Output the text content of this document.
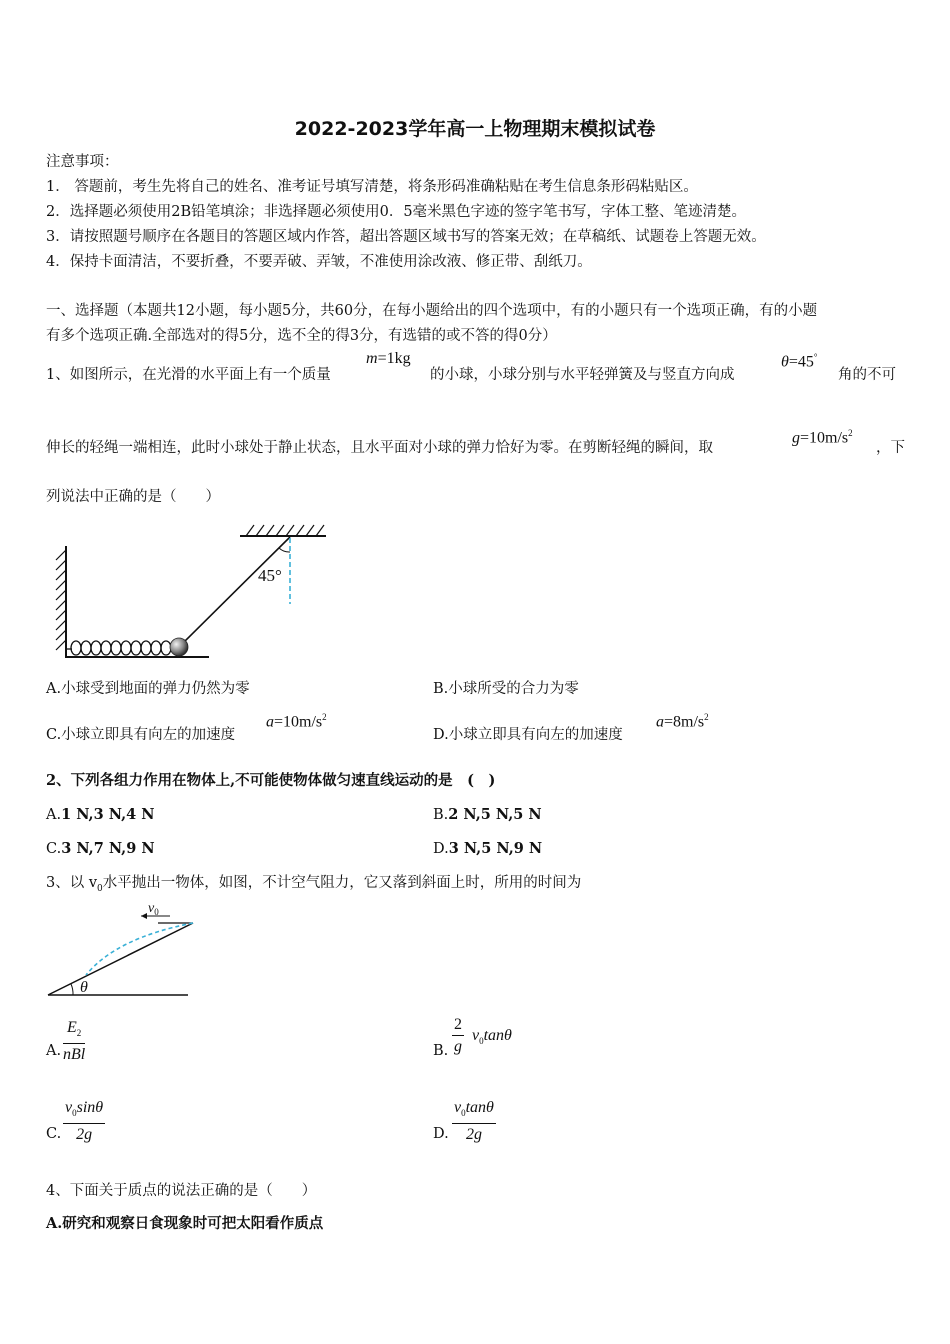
2022-2023学年高一上物理期末模拟试卷
注意事项：
1． 答题前，考生先将自己的姓名、准考证号填写清楚，将条形码准确粘贴在考生信息条形码粘贴区。
2．选择题必须使用2B铅笔填涂；非选择题必须使用0．5毫米黑色字迹的签字笔书写，字体工整、笔迹清楚。
3．请按照题号顺序在各题目的答题区域内作答，超出答题区域书写的答案无效；在草稿纸、试题卷上答题无效。
4．保持卡面清洁，不要折叠，不要弄破、弄皱，不准使用涂改液、修正带、刮纸刀。
一、选择题（本题共12小题，每小题5分，共60分，在每小题给出的四个选项中，有的小题只有一个选项正确，有的小题
有多个选项正确.全部选对的得5分，选不全的得3分，有选错的或不答的得0分）
1、如图所示，在光滑的水平面上有一个质量
m=1kg
的小球，小球分别与水平轻弹簧及与竖直方向成
θ=45°
角的不可
伸长的轻绳一端相连，此时小球处于静止状态，且水平面对小球的弹力恰好为零。在剪断轻绳的瞬间，取
$g=10m/s^2$
，下
列说法中正确的是（　　）
45°
A.小球受到地面的弹力仍然为零	B.小球所受的合力为零
C.小球立即具有向左的加速度
$a=10m/s^2$
D.小球立即具有向左的加速度
$a=8m/s^2$
2、下列各组力作用在物体上,不可能使物体做匀速直线运动的是　(　)
A.1 N,3 N,4 N	B.2 N,5 N,5 N
C.3 N,7 N,9 N	D.3 N,5 N,9 N
3、以 $v_0$水平抛出一物体，如图，不计空气阻力，它又落到斜面上时，所用的时间为
$v_0$
θ
A.
$E_2$
nBl	B. $\frac{2}{g} v_0\tan\theta$
C. $\frac{v_0\sin\theta}{2g}$	D. $\frac{v_0\tan\theta}{2g}$
4、下面关于质点的说法正确的是（　　）
A.研究和观察日食现象时可把太阳看作质点
